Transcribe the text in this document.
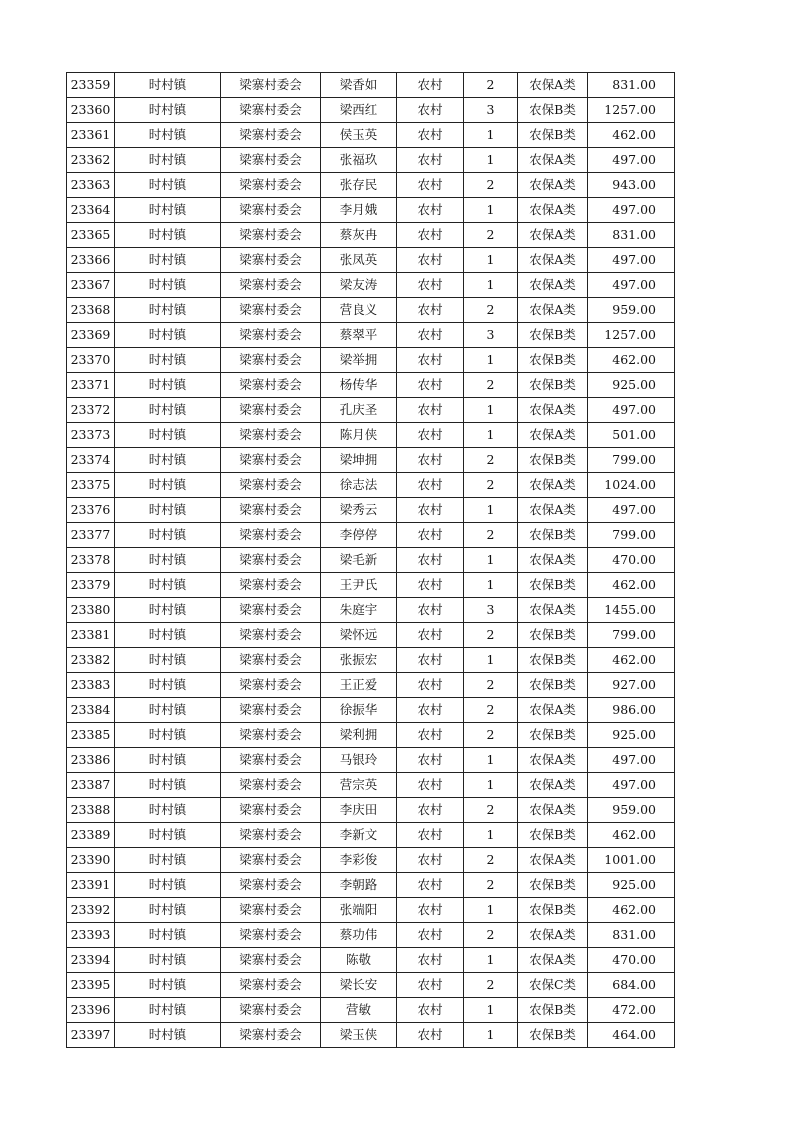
23359	时村镇	梁寨村委会	梁香如	农村	2	农保A类	831.00
23360	时村镇	梁寨村委会	梁西红	农村	3	农保B类	1257.00
23361	时村镇	梁寨村委会	侯玉英	农村	1	农保B类	462.00
23362	时村镇	梁寨村委会	张福玖	农村	1	农保A类	497.00
23363	时村镇	梁寨村委会	张存民	农村	2	农保A类	943.00
23364	时村镇	梁寨村委会	李月娥	农村	1	农保A类	497.00
23365	时村镇	梁寨村委会	蔡灰冉	农村	2	农保A类	831.00
23366	时村镇	梁寨村委会	张凤英	农村	1	农保A类	497.00
23367	时村镇	梁寨村委会	梁友涛	农村	1	农保A类	497.00
23368	时村镇	梁寨村委会	营良义	农村	2	农保A类	959.00
23369	时村镇	梁寨村委会	蔡翠平	农村	3	农保B类	1257.00
23370	时村镇	梁寨村委会	梁举拥	农村	1	农保B类	462.00
23371	时村镇	梁寨村委会	杨传华	农村	2	农保B类	925.00
23372	时村镇	梁寨村委会	孔庆圣	农村	1	农保A类	497.00
23373	时村镇	梁寨村委会	陈月侠	农村	1	农保A类	501.00
23374	时村镇	梁寨村委会	梁坤拥	农村	2	农保B类	799.00
23375	时村镇	梁寨村委会	徐志法	农村	2	农保A类	1024.00
23376	时村镇	梁寨村委会	梁秀云	农村	1	农保A类	497.00
23377	时村镇	梁寨村委会	李停停	农村	2	农保B类	799.00
23378	时村镇	梁寨村委会	梁毛新	农村	1	农保A类	470.00
23379	时村镇	梁寨村委会	王尹氏	农村	1	农保B类	462.00
23380	时村镇	梁寨村委会	朱庭宇	农村	3	农保A类	1455.00
23381	时村镇	梁寨村委会	梁怀远	农村	2	农保B类	799.00
23382	时村镇	梁寨村委会	张振宏	农村	1	农保B类	462.00
23383	时村镇	梁寨村委会	王正爱	农村	2	农保B类	927.00
23384	时村镇	梁寨村委会	徐振华	农村	2	农保A类	986.00
23385	时村镇	梁寨村委会	梁利拥	农村	2	农保B类	925.00
23386	时村镇	梁寨村委会	马银玲	农村	1	农保A类	497.00
23387	时村镇	梁寨村委会	营宗英	农村	1	农保A类	497.00
23388	时村镇	梁寨村委会	李庆田	农村	2	农保A类	959.00
23389	时村镇	梁寨村委会	李新文	农村	1	农保B类	462.00
23390	时村镇	梁寨村委会	李彩俊	农村	2	农保A类	1001.00
23391	时村镇	梁寨村委会	李朝路	农村	2	农保B类	925.00
23392	时村镇	梁寨村委会	张端阳	农村	1	农保B类	462.00
23393	时村镇	梁寨村委会	蔡功伟	农村	2	农保A类	831.00
23394	时村镇	梁寨村委会	陈敬	农村	1	农保A类	470.00
23395	时村镇	梁寨村委会	梁长安	农村	2	农保C类	684.00
23396	时村镇	梁寨村委会	营敏	农村	1	农保B类	472.00
23397	时村镇	梁寨村委会	梁玉侠	农村	1	农保B类	464.00
